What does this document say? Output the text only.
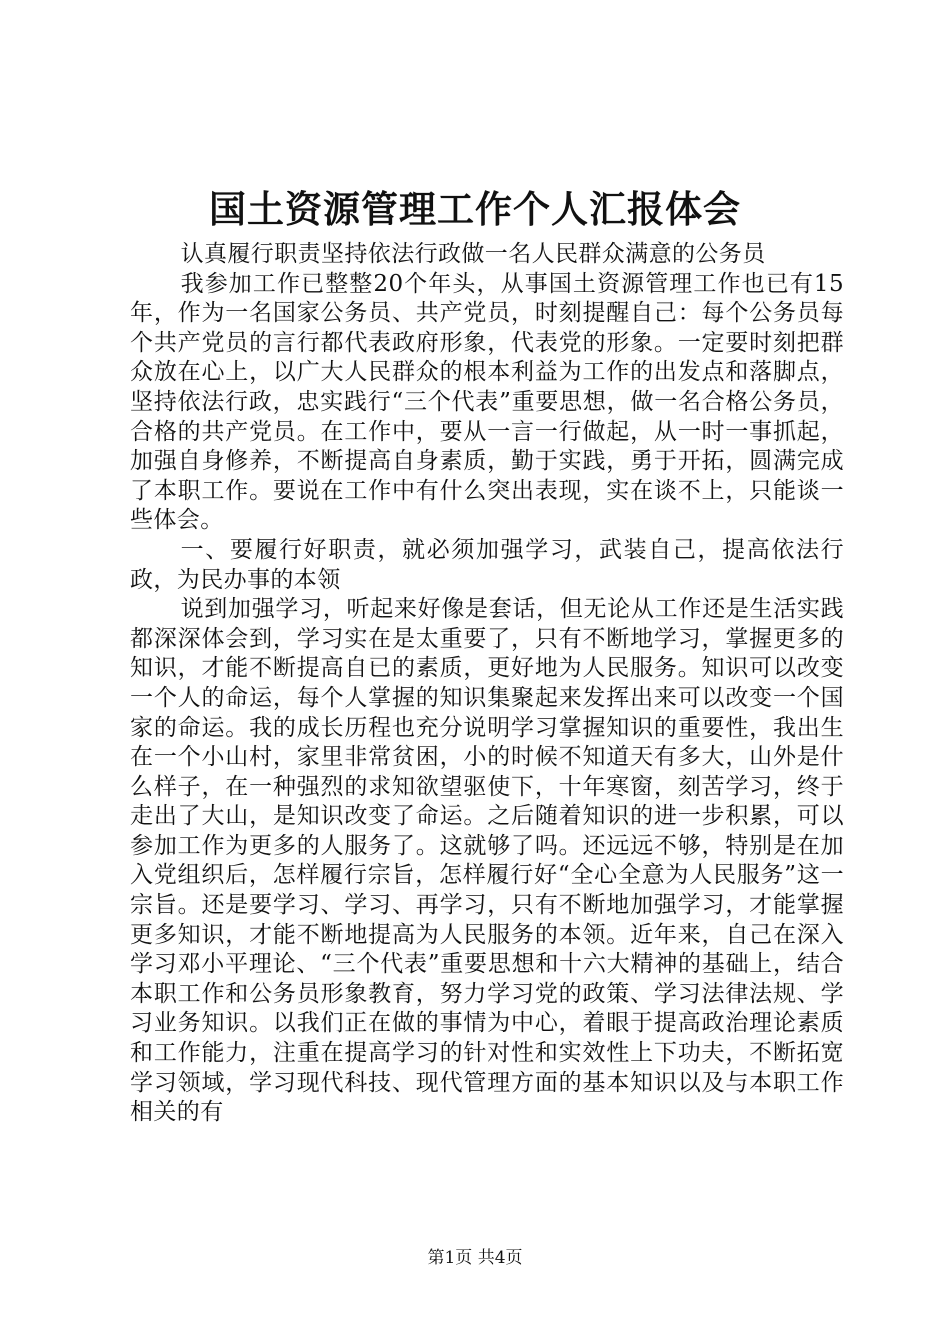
国土资源管理工作个人汇报体会

认真履行职责坚持依法行政做一名人民群众满意的公务员

我参加工作已整整20个年头，从事国土资源管理工作也已有15年，作为一名国家公务员、共产党员，时刻提醒自己：每个公务员每个共产党员的言行都代表政府形象，代表党的形象。一定要时刻把群众放在心上，以广大人民群众的根本利益为工作的出发点和落脚点，坚持依法行政，忠实践行“三个代表”重要思想，做一名合格公务员，合格的共产党员。在工作中，要从一言一行做起，从一时一事抓起，加强自身修养，不断提高自身素质，勤于实践，勇于开拓，圆满完成了本职工作。要说在工作中有什么突出表现，实在谈不上，只能谈一些体会。

一、要履行好职责，就必须加强学习，武装自己，提高依法行政，为民办事的本领

说到加强学习，听起来好像是套话，但无论从工作还是生活实践都深深体会到，学习实在是太重要了，只有不断地学习，掌握更多的知识，才能不断提高自已的素质，更好地为人民服务。知识可以改变一个人的命运，每个人掌握的知识集聚起来发挥出来可以改变一个国家的命运。我的成长历程也充分说明学习掌握知识的重要性，我出生在一个小山村，家里非常贫困，小的时候不知道天有多大，山外是什么样子，在一种强烈的求知欲望驱使下，十年寒窗，刻苦学习，终于走出了大山，是知识改变了命运。之后随着知识的进一步积累，可以参加工作为更多的人服务了。这就够了吗。还远远不够，特别是在加入党组织后，怎样履行宗旨，怎样履行好“全心全意为人民服务”这一宗旨。还是要学习、学习、再学习，只有不断地加强学习，才能掌握更多知识，才能不断地提高为人民服务的本领。近年来，自己在深入学习邓小平理论、“三个代表”重要思想和十六大精神的基础上，结合本职工作和公务员形象教育，努力学习党的政策、学习法律法规、学习业务知识。以我们正在做的事情为中心，着眼于提高政治理论素质和工作能力，注重在提高学习的针对性和实效性上下功夫，不断拓宽学习领域，学习现代科技、现代管理方面的基本知识以及与本职工作相关的有

第1页 共4页
